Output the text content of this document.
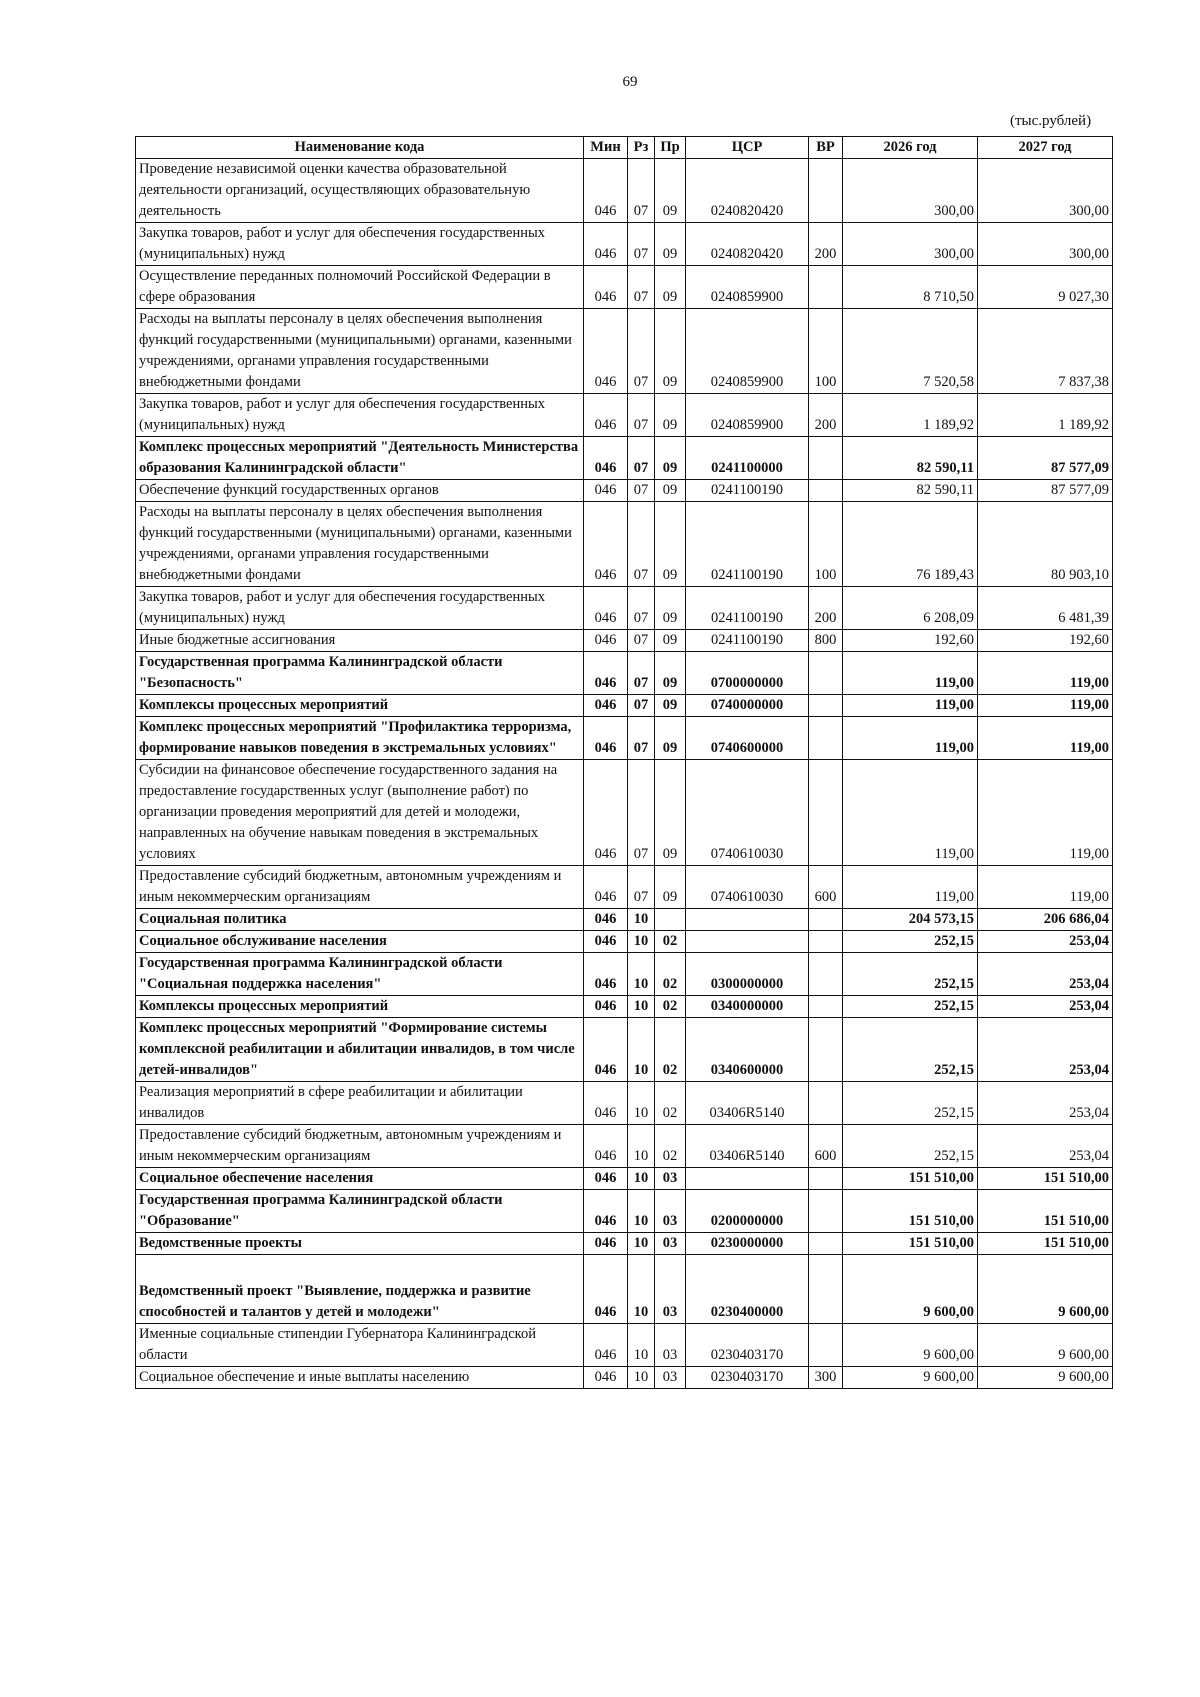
69
(тыс.рублей)
Наименование кода	Мин	Рз	Пр	ЦСР	ВР	2026 год	2027 год
Проведение независимой оценки качества образовательной деятельности организаций, осуществляющих образовательную деятельность	046	07	09	0240820420		300,00	300,00
Закупка товаров, работ и услуг для обеспечения государственных (муниципальных) нужд	046	07	09	0240820420	200	300,00	300,00
Осуществление переданных полномочий Российской Федерации в сфере образования	046	07	09	0240859900		8 710,50	9 027,30
Расходы на выплаты персоналу в целях обеспечения выполнения функций государственными (муниципальными) органами, казенными учреждениями, органами управления государственными внебюджетными фондами	046	07	09	0240859900	100	7 520,58	7 837,38
Закупка товаров, работ и услуг для обеспечения государственных (муниципальных) нужд	046	07	09	0240859900	200	1 189,92	1 189,92
Комплекс процессных мероприятий "Деятельность Министерства образования Калининградской области"	046	07	09	0241100000		82 590,11	87 577,09
Обеспечение функций государственных органов	046	07	09	0241100190		82 590,11	87 577,09
Расходы на выплаты персоналу в целях обеспечения выполнения функций государственными (муниципальными) органами, казенными учреждениями, органами управления государственными внебюджетными фондами	046	07	09	0241100190	100	76 189,43	80 903,10
Закупка товаров, работ и услуг для обеспечения государственных (муниципальных) нужд	046	07	09	0241100190	200	6 208,09	6 481,39
Иные бюджетные ассигнования	046	07	09	0241100190	800	192,60	192,60
Государственная программа Калининградской области "Безопасность"	046	07	09	0700000000		119,00	119,00
Комплексы процессных мероприятий	046	07	09	0740000000		119,00	119,00
Комплекс процессных мероприятий "Профилактика терроризма, формирование навыков поведения в экстремальных условиях"	046	07	09	0740600000		119,00	119,00
Субсидии на финансовое обеспечение государственного задания на предоставление государственных услуг (выполнение работ) по организации проведения мероприятий для детей и молодежи, направленных на обучение навыкам поведения в экстремальных условиях	046	07	09	0740610030		119,00	119,00
Предоставление субсидий бюджетным, автономным учреждениям и иным некоммерческим организациям	046	07	09	0740610030	600	119,00	119,00
Социальная политика	046	10				204 573,15	206 686,04
Социальное обслуживание населения	046	10	02			252,15	253,04
Государственная программа Калининградской области "Социальная поддержка населения"	046	10	02	0300000000		252,15	253,04
Комплексы процессных мероприятий	046	10	02	0340000000		252,15	253,04
Комплекс процессных мероприятий "Формирование системы комплексной реабилитации и абилитации инвалидов, в том числе детей-инвалидов"	046	10	02	0340600000		252,15	253,04
Реализация мероприятий в сфере реабилитации и абилитации инвалидов	046	10	02	03406R5140		252,15	253,04
Предоставление субсидий бюджетным, автономным учреждениям и иным некоммерческим организациям	046	10	02	03406R5140	600	252,15	253,04
Социальное обеспечение населения	046	10	03			151 510,00	151 510,00
Государственная программа Калининградской области "Образование"	046	10	03	0200000000		151 510,00	151 510,00
Ведомственные проекты	046	10	03	0230000000		151 510,00	151 510,00
Ведомственный проект "Выявление, поддержка и развитие способностей и талантов у детей и молодежи"	046	10	03	0230400000		9 600,00	9 600,00
Именные социальные стипендии Губернатора Калининградской области	046	10	03	0230403170		9 600,00	9 600,00
Социальное обеспечение и иные выплаты населению	046	10	03	0230403170	300	9 600,00	9 600,00
